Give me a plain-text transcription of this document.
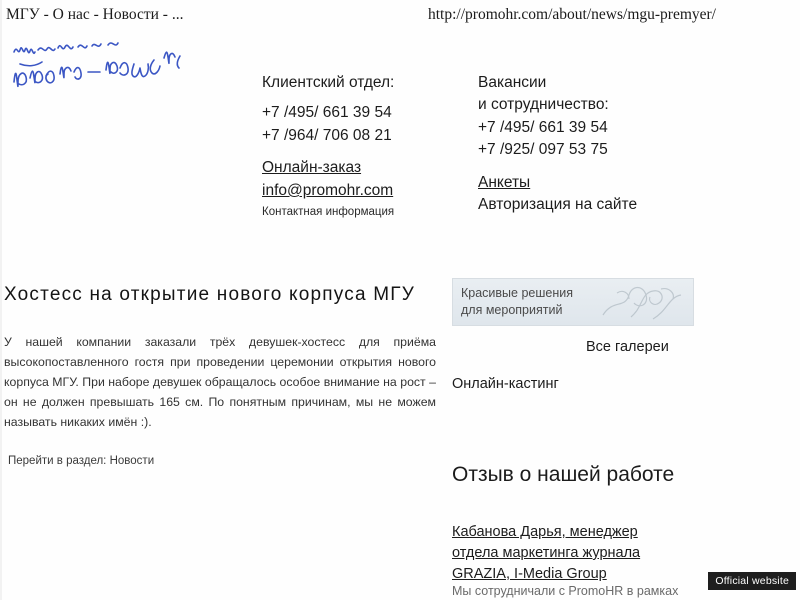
МГУ - О нас - Новости - ...	http://promohr.com/about/news/mgu-premyer/
Клиентский отдел:
+7 /495/ 661 39 54
+7 /964/ 706 08 21
Онлайн-заказ
info@promohr.com
Контактная информация
Вакансии
и сотрудничество:
+7 /495/ 661 39 54
+7 /925/ 097 53 75
Анкеты
Авторизация на сайте
Хостесс на открытие нового корпуса МГУ
У нашей компании заказали трёх девушек-хостесс для приёма высокопоставленного гостя при проведении церемонии открытия нового корпуса МГУ. При наборе девушек обращалось особое внимание на рост – он не должен превышать 165 см. По понятным причинам, мы не можем называть никаких имён :).
Перейти в раздел: Новости
Красивые решения
для мероприятий
Все галереи
Онлайн-кастинг
Отзыв о нашей работе
Кабанова Дарья, менеджер
отдела маркетинга журнала
GRAZIA, I-Media Group
Мы сотрудничали с PromoHR в рамках
Official website
